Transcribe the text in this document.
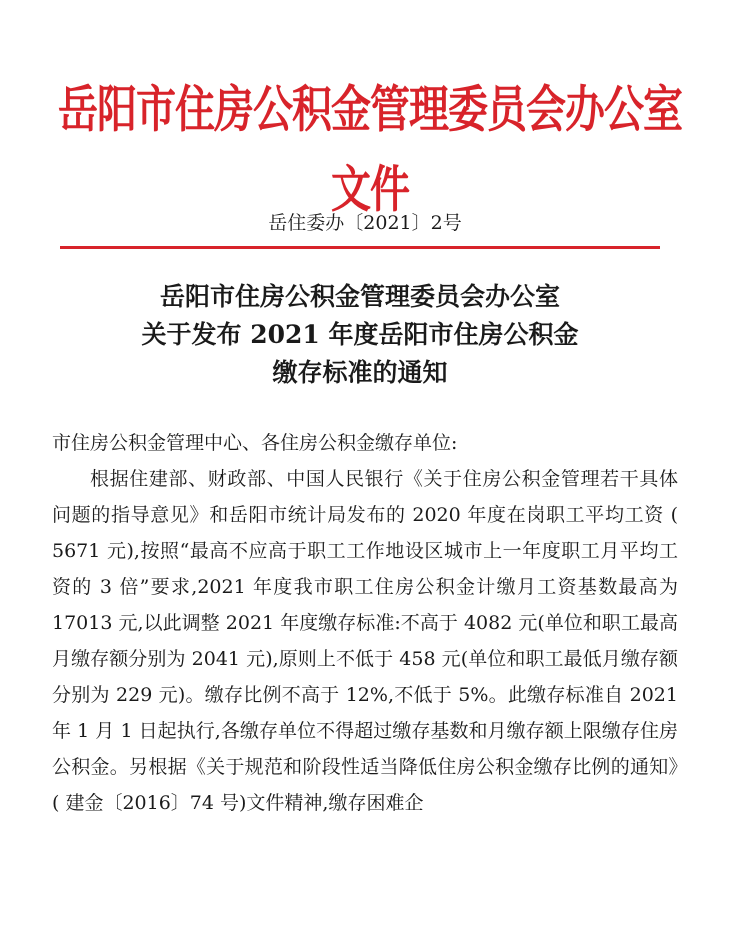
岳阳市住房公积金管理委员会办公室文件
岳住委办〔2021〕2号
岳阳市住房公积金管理委员会办公室
关于发布 2021 年度岳阳市住房公积金
缴存标准的通知

市住房公积金管理中心、各住房公积金缴存单位:

根据住建部、财政部、中国人民银行《关于住房公积金管理若干具体问题的指导意见》和岳阳市统计局发布的 2020 年度在岗职工平均工资 ( 5671 元),按照“最高不应高于职工工作地设区城市上一年度职工月平均工资的 3 倍”要求,2021 年度我市职工住房公积金计缴月工资基数最高为 17013 元,以此调整 2021 年度缴存标准:不高于 4082 元(单位和职工最高月缴存额分别为 2041 元),原则上不低于 458 元(单位和职工最低月缴存额分别为 229 元)。缴存比例不高于 12%,不低于 5%。此缴存标准自 2021 年 1 月 1 日起执行,各缴存单位不得超过缴存基数和月缴存额上限缴存住房公积金。另根据《关于规范和阶段性适当降低住房公积金缴存比例的通知》( 建金〔2016〕74 号)文件精神,缴存困难企
